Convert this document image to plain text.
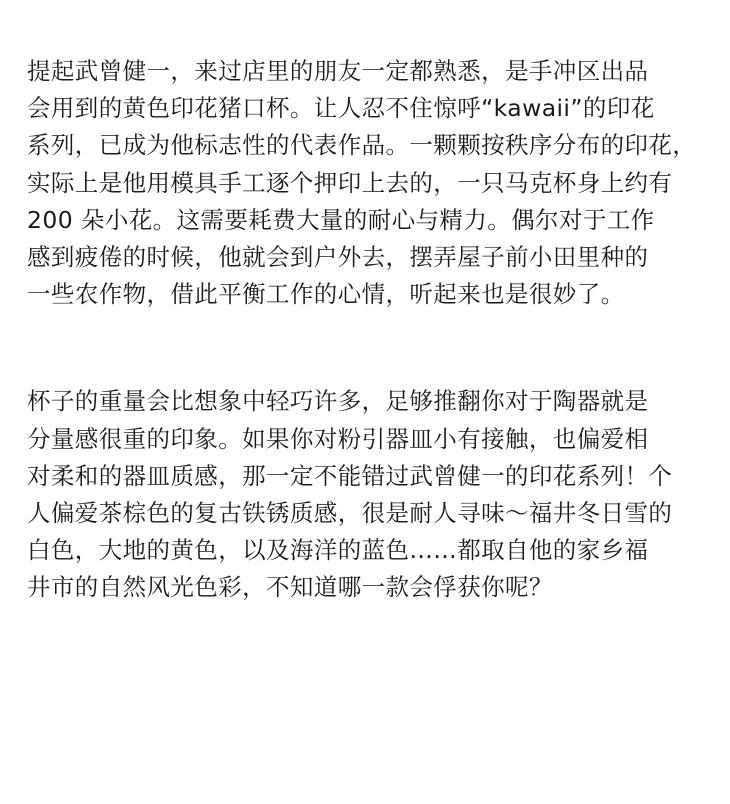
提起武曾健一，来过店里的朋友一定都熟悉，是手冲区出品
会用到的黄色印花猪口杯。让人忍不住惊呼“kawaii”的印花
系列，已成为他标志性的代表作品。一颗颗按秩序分布的印花，
实际上是他用模具手工逐个押印上去的，一只马克杯身上约有
200 朵小花。这需要耗费大量的耐心与精力。偶尔对于工作
感到疲倦的时候，他就会到户外去，摆弄屋子前小田里种的
一些农作物，借此平衡工作的心情，听起来也是很妙了。
杯子的重量会比想象中轻巧许多，足够推翻你对于陶器就是
分量感很重的印象。如果你对粉引器皿小有接触，也偏爱相
对柔和的器皿质感，那一定不能错过武曾健一的印花系列！个
人偏爱茶棕色的复古铁锈质感，很是耐人寻味～福井冬日雪的
白色，大地的黄色，以及海洋的蓝色……都取自他的家乡福
井市的自然风光色彩，不知道哪一款会俘获你呢？
